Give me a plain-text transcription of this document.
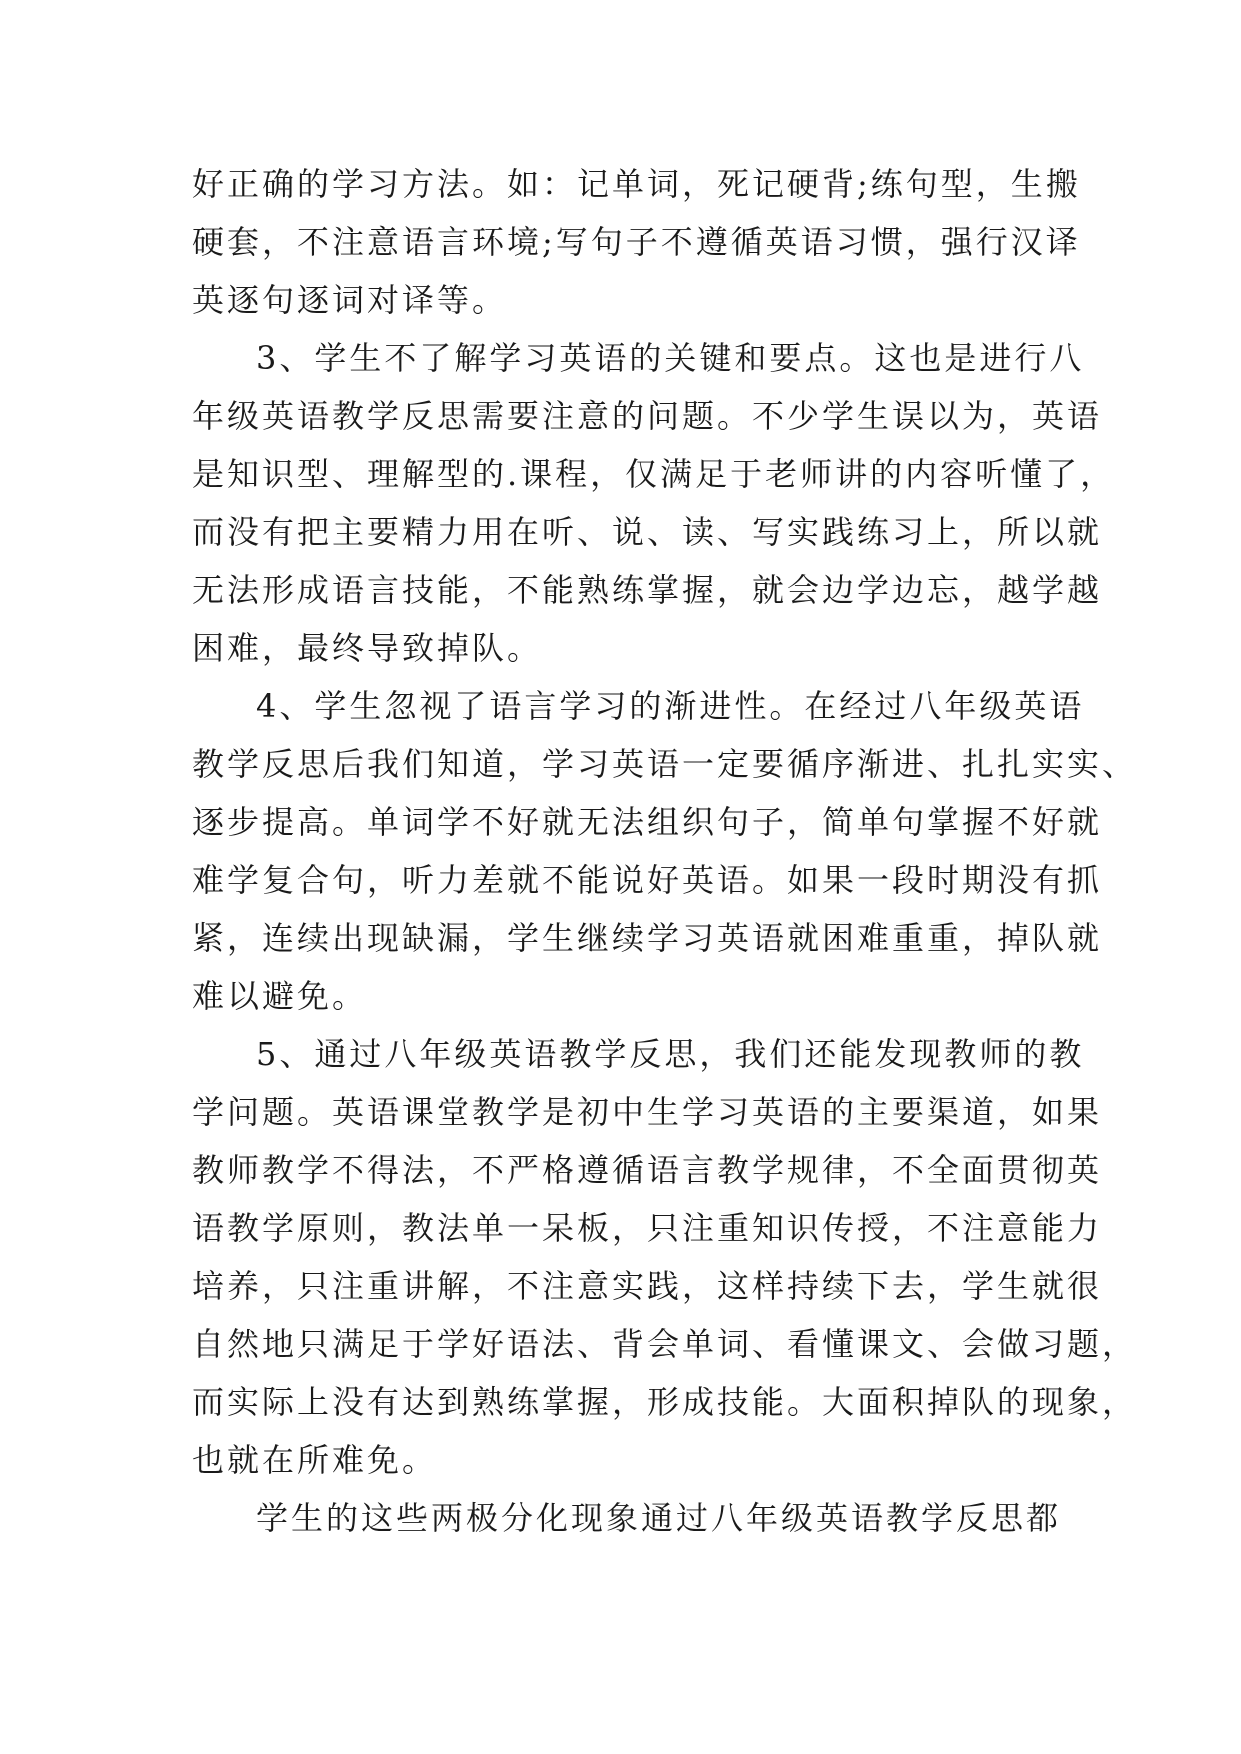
好正确的学习方法。如：记单词，死记硬背;练句型，生搬
硬套，不注意语言环境;写句子不遵循英语习惯，强行汉译
英逐句逐词对译等。
3、学生不了解学习英语的关键和要点。这也是进行八
年级英语教学反思需要注意的问题。不少学生误以为，英语
是知识型、理解型的.课程，仅满足于老师讲的内容听懂了，
而没有把主要精力用在听、说、读、写实践练习上，所以就
无法形成语言技能，不能熟练掌握，就会边学边忘，越学越
困难，最终导致掉队。
4、学生忽视了语言学习的渐进性。在经过八年级英语
教学反思后我们知道，学习英语一定要循序渐进、扎扎实实、
逐步提高。单词学不好就无法组织句子，简单句掌握不好就
难学复合句，听力差就不能说好英语。如果一段时期没有抓
紧，连续出现缺漏，学生继续学习英语就困难重重，掉队就
难以避免。
5、通过八年级英语教学反思，我们还能发现教师的教
学问题。英语课堂教学是初中生学习英语的主要渠道，如果
教师教学不得法，不严格遵循语言教学规律，不全面贯彻英
语教学原则，教法单一呆板，只注重知识传授，不注意能力
培养，只注重讲解，不注意实践，这样持续下去，学生就很
自然地只满足于学好语法、背会单词、看懂课文、会做习题，
而实际上没有达到熟练掌握，形成技能。大面积掉队的现象，
也就在所难免。
学生的这些两极分化现象通过八年级英语教学反思都
